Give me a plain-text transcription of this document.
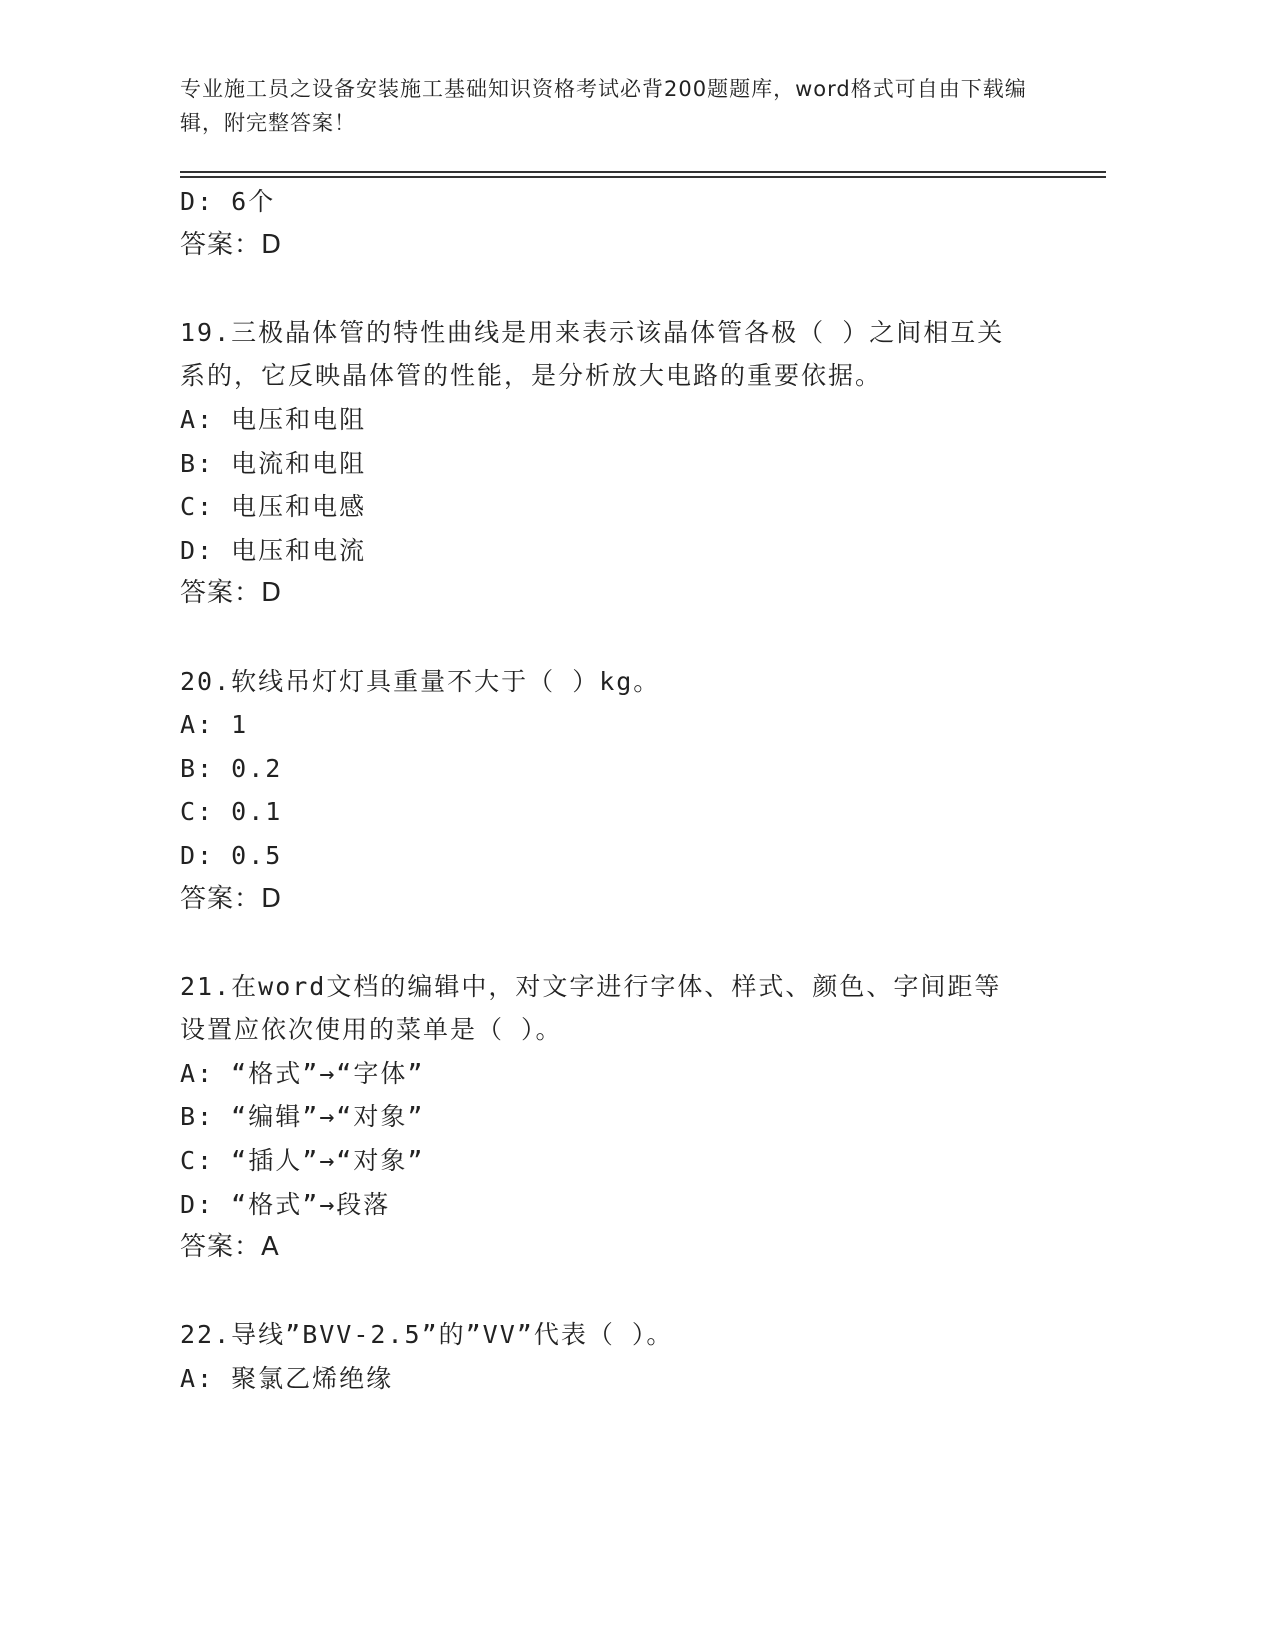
专业施工员之设备安装施工基础知识资格考试必背200题题库，word格式可自由下载编辑，附完整答案！
D: 6个
答案：D
19.三极晶体管的特性曲线是用来表示该晶体管各极（ ）之间相互关
系的，它反映晶体管的性能，是分析放大电路的重要依据。
A: 电压和电阻
B: 电流和电阻
C: 电压和电感
D: 电压和电流
答案：D
20.软线吊灯灯具重量不大于（ ）kg。
A: 1
B: 0.2
C: 0.1
D: 0.5
答案：D
21.在word文档的编辑中，对文字进行字体、样式、颜色、字间距等
设置应依次使用的菜单是（ ）。
A: “格式”→“字体”
B: “编辑”→“对象”
C: “插人”→“对象”
D: “格式”→段落
答案：A
22.导线”BVV-2.5”的”VV”代表（ ）。
A: 聚氯乙烯绝缘
